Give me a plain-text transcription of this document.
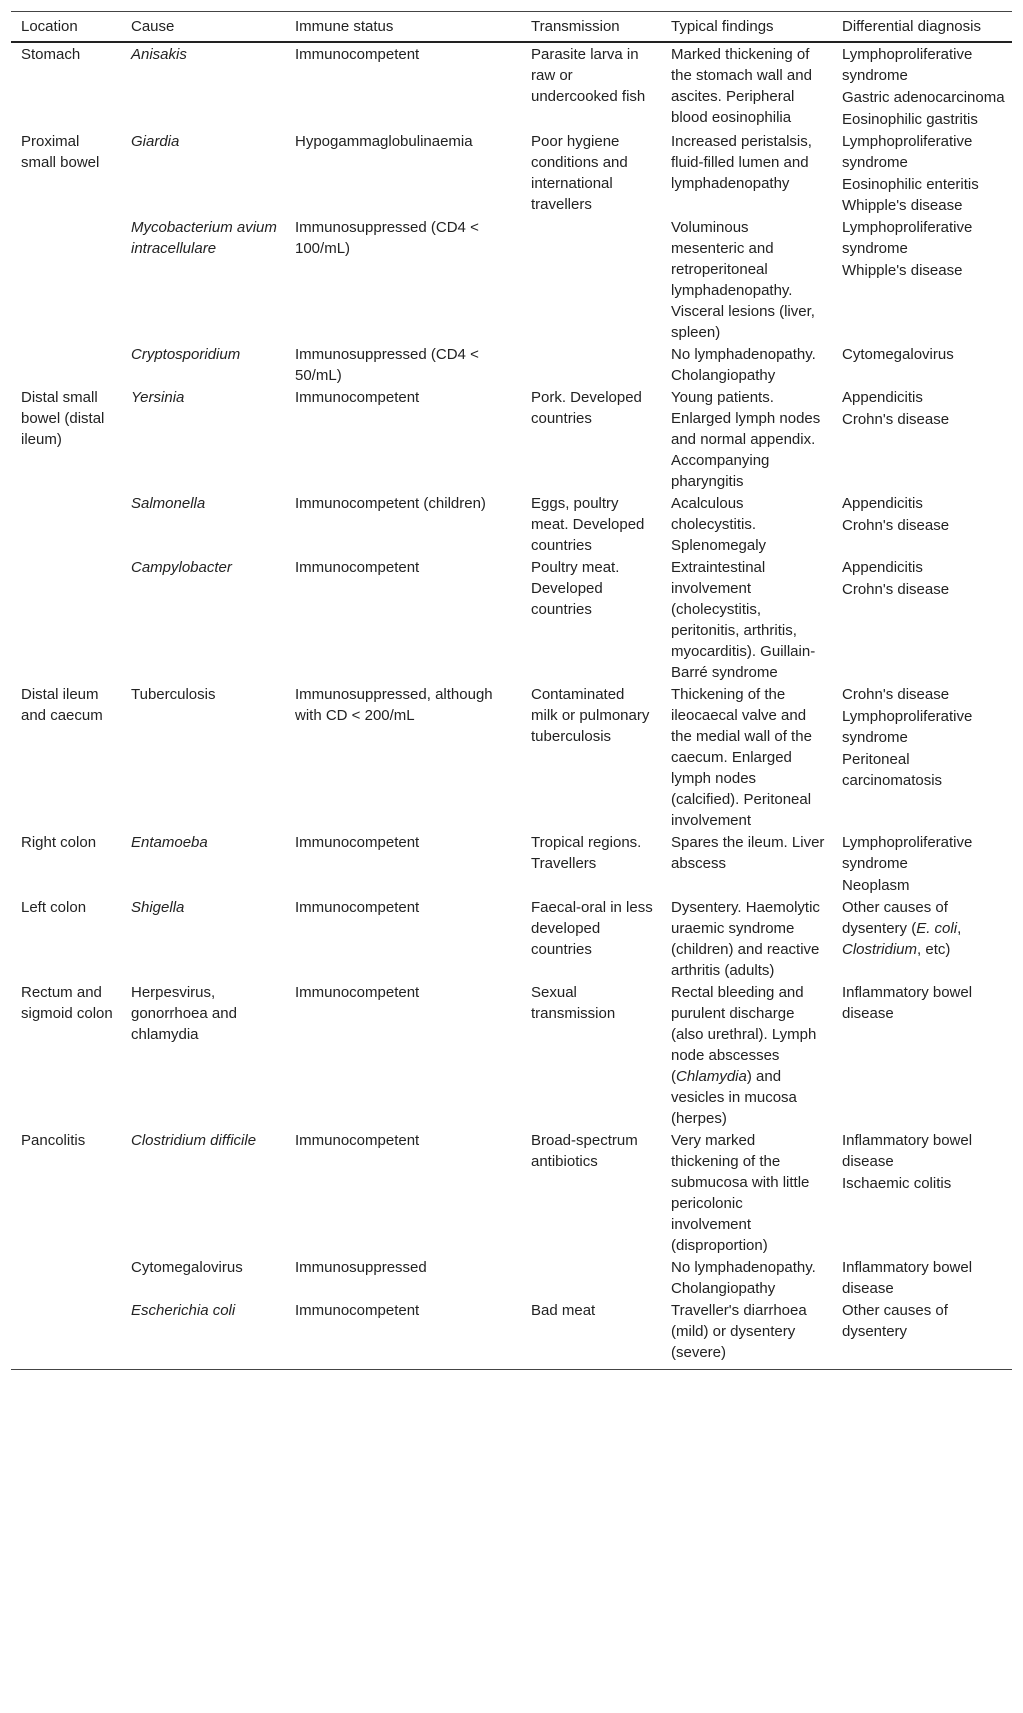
Location	Cause	Immune status	Transmission	Typical findings	Differential diagnosis
Stomach	Anisakis	Immunocompetent	Parasite larva in raw or undercooked fish	Marked thickening of the stomach wall and ascites. Peripheral blood eosinophilia	Lymphoproliferative syndrome
Gastric adenocarcinoma
Eosinophilic gastritis

Proximal small bowel	Giardia	Hypogammaglobulinaemia	Poor hygiene conditions and international travellers	Increased peristalsis, fluid-filled lumen and lymphadenopathy	Lymphoproliferative syndrome
Eosinophilic enteritis Whipple's disease

	Mycobacterium avium intracellulare	Immunosuppressed (CD4 < 100/mL)		Voluminous mesenteric and retroperitoneal lymphadenopathy. Visceral lesions (liver, spleen)	Lymphoproliferative syndrome
Whipple's disease

	Cryptosporidium	Immunosuppressed (CD4 < 50/mL)		No lymphadenopathy. Cholangiopathy	Cytomegalovirus

Distal small bowel (distal ileum)	Yersinia	Immunocompetent	Pork. Developed countries	Young patients. Enlarged lymph nodes and normal appendix. Accompanying pharyngitis	Appendicitis
Crohn's disease

	Salmonella	Immunocompetent (children)	Eggs, poultry meat. Developed countries	Acalculous cholecystitis. Splenomegaly	Appendicitis
Crohn's disease

	Campylobacter	Immunocompetent	Poultry meat. Developed countries	Extraintestinal involvement (cholecystitis, peritonitis, arthritis, myocarditis). Guillain-Barré syndrome	Appendicitis
Crohn's disease

Distal ileum and caecum	Tuberculosis	Immunosuppressed, although with CD < 200/mL	Contaminated milk or pulmonary tuberculosis	Thickening of the ileocaecal valve and the medial wall of the caecum. Enlarged lymph nodes (calcified). Peritoneal involvement	Crohn's disease
Lymphoproliferative syndrome
Peritoneal carcinomatosis

Right colon	Entamoeba	Immunocompetent	Tropical regions. Travellers	Spares the ileum. Liver abscess	Lymphoproliferative syndrome
Neoplasm

Left colon	Shigella	Immunocompetent	Faecal-oral in less developed countries	Dysentery. Haemolytic uraemic syndrome (children) and reactive arthritis (adults)	Other causes of dysentery (E. coli, Clostridium, etc)
Rectum and sigmoid colon	Herpesvirus, gonorrhoea and chlamydia	Immunocompetent	Sexual transmission	Rectal bleeding and purulent discharge (also urethral). Lymph node abscesses (Chlamydia) and vesicles in mucosa (herpes)	Inflammatory bowel disease

Pancolitis	Clostridium difficile	Immunocompetent	Broad-spectrum antibiotics	Very marked thickening of the submucosa with little pericolonic involvement (disproportion)	Inflammatory bowel disease
Ischaemic colitis

	Cytomegalovirus	Immunosuppressed		No lymphadenopathy. Cholangiopathy	Inflammatory bowel disease

	Escherichia coli	Immunocompetent	Bad meat	Traveller's diarrhoea (mild) or dysentery (severe)	Other causes of dysentery
